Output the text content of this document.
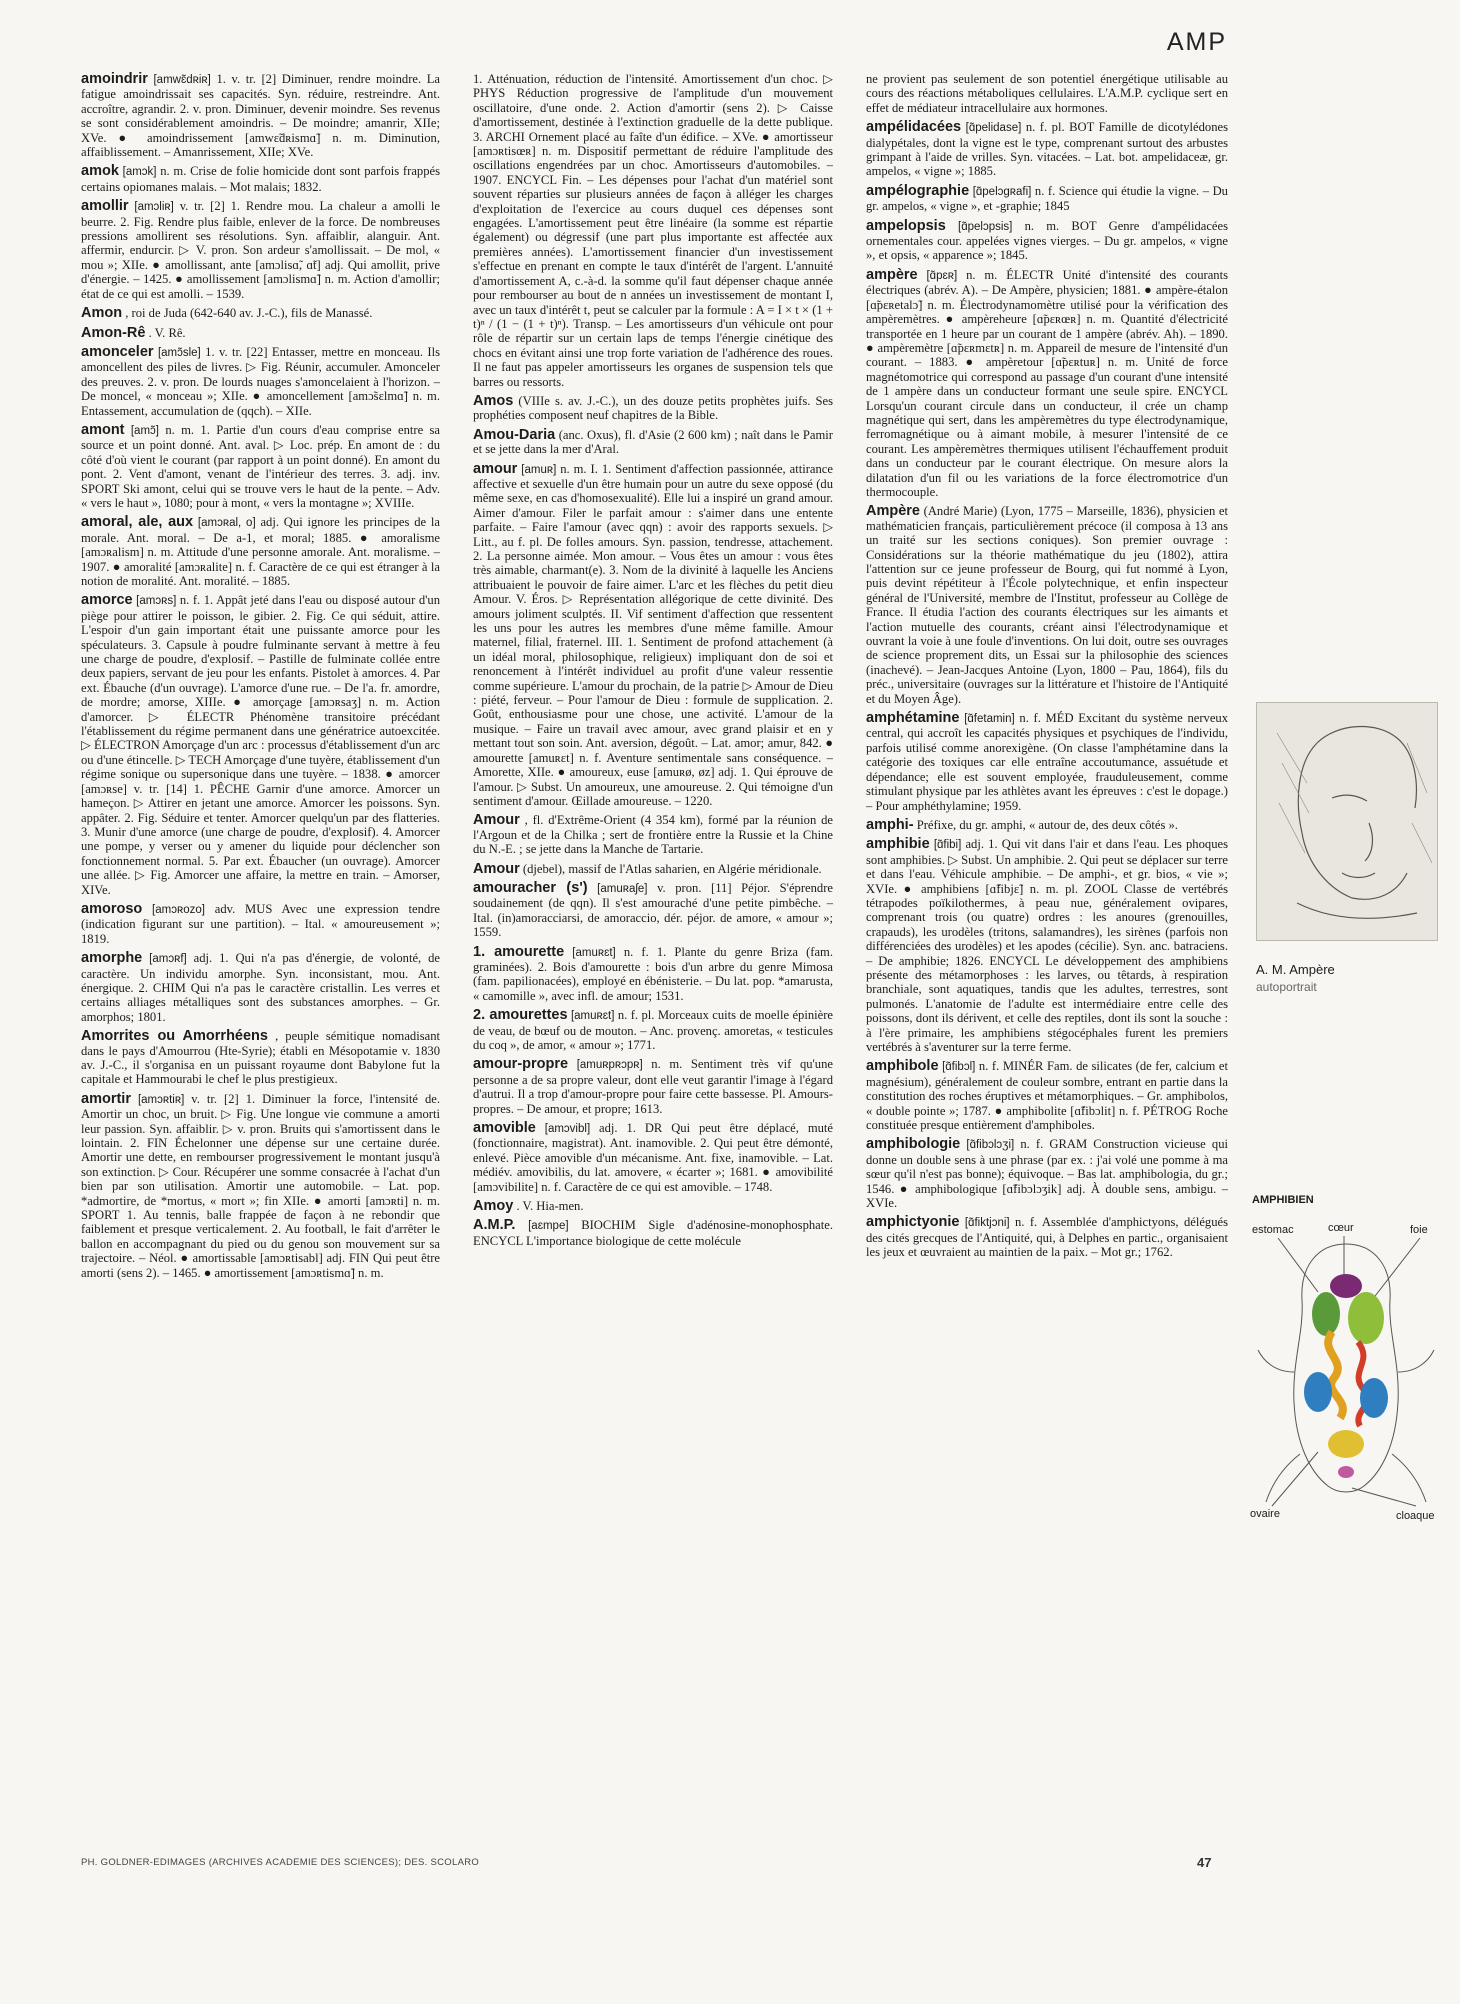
AMP

amoindrir [amwɛ̃dʀiʀ] 1. v. tr. [2] Diminuer, rendre moindre. La fatigue amoindrissait ses capacités. Syn. réduire, restreindre. Ant. accroître, agrandir. 2. v. pron. Diminuer, devenir moindre. Ses revenus se sont considérablement amoindris. – De moindre; amanrir, XIIe; XVe. ● amoindrissement [amwɛ̃dʀismɑ̃] n. m. Diminution, affaiblissement. – Amanrissement, XIIe; XVe.

amok [amɔk] n. m. Crise de folie homicide dont sont parfois frappés certains opiomanes malais. – Mot malais; 1832.

amollir [amɔliʀ] v. tr. [2] 1. Rendre mou. La chaleur a amolli le beurre. 2. Fig. Rendre plus faible, enlever de la force. De nombreuses pressions amollirent ses résolutions. Syn. affaiblir, alanguir. Ant. affermir, endurcir. ▷ V. pron. Son ardeur s'amollissait. – De mol, « mou »; XIIe. ● amollissant, ante [amɔlisɑ̃, ɑ̃t] adj. Qui amollit, prive d'énergie. – 1425. ● amollissement [amɔlismɑ̃] n. m. Action d'amollir; état de ce qui est amolli. – 1539.

Amon , roi de Juda (642-640 av. J.-C.), fils de Manassé.

Amon-Rê . V. Rê.

amonceler [amɔ̃sle] 1. v. tr. [22] Entasser, mettre en monceau. Ils amoncellent des piles de livres. ▷ Fig. Réunir, accumuler. Amonceler des preuves. 2. v. pron. De lourds nuages s'amoncelaient à l'horizon. – De moncel, « monceau »; XIIe. ● amoncellement [amɔ̃sɛlmɑ̃] n. m. Entassement, accumulation de (qqch). – XIIe.

amont [amɔ̃] n. m. 1. Partie d'un cours d'eau comprise entre sa source et un point donné. Ant. aval. ▷ Loc. prép. En amont de : du côté d'où vient le courant (par rapport à un point donné). En amont du pont. 2. Vent d'amont, venant de l'intérieur des terres. 3. adj. inv. SPORT Ski amont, celui qui se trouve vers le haut de la pente. – Adv. « vers le haut », 1080; pour à mont, « vers la montagne »; XVIIIe.

amoral, ale, aux [amɔʀal, o] adj. Qui ignore les principes de la morale. Ant. moral. – De a-1, et moral; 1885. ● amoralisme [amɔʀalism] n. m. Attitude d'une personne amorale. Ant. moralisme. – 1907. ● amoralité [amɔʀalite] n. f. Caractère de ce qui est étranger à la notion de moralité. Ant. moralité. – 1885.

amorce [amɔʀs] n. f. 1. Appât jeté dans l'eau ou disposé autour d'un piège pour attirer le poisson, le gibier. 2. Fig. Ce qui séduit, attire. L'espoir d'un gain important était une puissante amorce pour les spéculateurs. 3. Capsule à poudre fulminante servant à mettre à feu une charge de poudre, d'explosif. – Pastille de fulminate collée entre deux papiers, servant de jeu pour les enfants. Pistolet à amorces. 4. Par ext. Ébauche (d'un ouvrage). L'amorce d'une rue. – De l'a. fr. amordre, de mordre; amorse, XIIIe. ● amorçage [amɔʀsaʒ] n. m. Action d'amorcer. ▷ ÉLECTR Phénomène transitoire précédant l'établissement du régime permanent dans une génératrice autoexcitée. ▷ ÉLECTRON Amorçage d'un arc : processus d'établissement d'un arc ou d'une étincelle. ▷ TECH Amorçage d'une tuyère, établissement d'un régime sonique ou supersonique dans une tuyère. – 1838. ● amorcer [amɔʀse] v. tr. [14] 1. PÊCHE Garnir d'une amorce. Amorcer un hameçon. ▷ Attirer en jetant une amorce. Amorcer les poissons. Syn. appâter. 2. Fig. Séduire et tenter. Amorcer quelqu'un par des flatteries. 3. Munir d'une amorce (une charge de poudre, d'explosif). 4. Amorcer une pompe, y verser ou y amener du liquide pour déclencher son fonctionnement normal. 5. Par ext. Ébaucher (un ouvrage). Amorcer une allée. ▷ Fig. Amorcer une affaire, la mettre en train. – Amorser, XIVe.

amoroso [amɔʀozo] adv. MUS Avec une expression tendre (indication figurant sur une partition). – Ital. « amoureusement »; 1819.

amorphe [amɔʀf] adj. 1. Qui n'a pas d'énergie, de volonté, de caractère. Un individu amorphe. Syn. inconsistant, mou. Ant. énergique. 2. CHIM Qui n'a pas le caractère cristallin. Les verres et certains alliages métalliques sont des substances amorphes. – Gr. amorphos; 1801.

Amorrites ou Amorrhéens , peuple sémitique nomadisant dans le pays d'Amourrou (Hte-Syrie); établi en Mésopotamie v. 1830 av. J.-C., il s'organisa en un puissant royaume dont Babylone fut la capitale et Hammourabi le chef le plus prestigieux.

amortir [amɔʀtiʀ] v. tr. [2] 1. Diminuer la force, l'intensité de. Amortir un choc, un bruit. ▷ Fig. Une longue vie commune a amorti leur passion. Syn. affaiblir. ▷ v. pron. Bruits qui s'amortissent dans le lointain. 2. FIN Échelonner une dépense sur une certaine durée. Amortir une dette, en rembourser progressivement le montant jusqu'à son extinction. ▷ Cour. Récupérer une somme consacrée à l'achat d'un bien par son utilisation. Amortir une automobile. – Lat. pop. *admortire, de *mortus, « mort »; fin XIIe. ● amorti [amɔʀti] n. m. SPORT 1. Au tennis, balle frappée de façon à ne rebondir que faiblement et presque verticalement. 2. Au football, le fait d'arrêter le ballon en accompagnant du pied ou du genou son mouvement sur sa trajectoire. – Néol. ● amortissable [amɔʀtisabl] adj. FIN Qui peut être amorti (sens 2). – 1465. ● amortissement [amɔʀtismɑ̃] n. m.

1. Atténuation, réduction de l'intensité. Amortissement d'un choc. ▷ PHYS Réduction progressive de l'amplitude d'un mouvement oscillatoire, d'une onde. 2. Action d'amortir (sens 2). ▷ Caisse d'amortissement, destinée à l'extinction graduelle de la dette publique. 3. ARCHI Ornement placé au faîte d'un édifice. – XVe. ● amortisseur [amɔʀtisœʀ] n. m. Dispositif permettant de réduire l'amplitude des oscillations engendrées par un choc. Amortisseurs d'automobiles. – 1907. ENCYCL Fin. – Les dépenses pour l'achat d'un matériel sont souvent réparties sur plusieurs années de façon à alléger les charges d'exploitation de l'exercice au cours duquel ces dépenses sont engagées. L'amortissement peut être linéaire (la somme est répartie également) ou dégressif (une part plus importante est affectée aux premières années). L'amortissement financier d'un investissement s'effectue en prenant en compte le taux d'intérêt de l'argent. L'annuité d'amortissement A, c.-à-d. la somme qu'il faut dépenser chaque année pour rembourser au bout de n années un investissement de montant I, avec un taux d'intérêt t, peut se calculer par la formule : A = I × t × (1 + t)ⁿ / (1 − (1 + t)ⁿ). Transp. – Les amortisseurs d'un véhicule ont pour rôle de répartir sur un certain laps de temps l'énergie cinétique des chocs en évitant ainsi une trop forte variation de l'adhérence des roues. Il ne faut pas appeler amortisseurs les organes de suspension tels que barres ou ressorts.

Amos (VIIIe s. av. J.-C.), un des douze petits prophètes juifs. Ses prophéties composent neuf chapitres de la Bible.

Amou-Daria (anc. Oxus), fl. d'Asie (2 600 km) ; naît dans le Pamir et se jette dans la mer d'Aral.

amour [amuʀ] n. m. I. 1. Sentiment d'affection passionnée, attirance affective et sexuelle d'un être humain pour un autre du sexe opposé (du même sexe, en cas d'homosexualité). Elle lui a inspiré un grand amour. Aimer d'amour. Filer le parfait amour : s'aimer dans une entente parfaite. – Faire l'amour (avec qqn) : avoir des rapports sexuels. ▷ Litt., au f. pl. De folles amours. Syn. passion, tendresse, attachement. 2. La personne aimée. Mon amour. – Vous êtes un amour : vous êtes très aimable, charmant(e). 3. Nom de la divinité à laquelle les Anciens attribuaient le pouvoir de faire aimer. L'arc et les flèches du petit dieu Amour. V. Éros. ▷ Représentation allégorique de cette divinité. Des amours joliment sculptés. II. Vif sentiment d'affection que ressentent les uns pour les autres les membres d'une même famille. Amour maternel, filial, fraternel. III. 1. Sentiment de profond attachement (à un idéal moral, philosophique, religieux) impliquant don de soi et renoncement à l'intérêt individuel au profit d'une valeur ressentie comme supérieure. L'amour du prochain, de la patrie ▷ Amour de Dieu : piété, ferveur. – Pour l'amour de Dieu : formule de supplication. 2. Goût, enthousiasme pour une chose, une activité. L'amour de la musique. – Faire un travail avec amour, avec grand plaisir et en y mettant tout son soin. Ant. aversion, dégoût. – Lat. amor; amur, 842. ● amourette [amuʀɛt] n. f. Aventure sentimentale sans conséquence. – Amorette, XIIe. ● amoureux, euse [amuʀø, øz] adj. 1. Qui éprouve de l'amour. ▷ Subst. Un amoureux, une amoureuse. 2. Qui témoigne d'un sentiment d'amour. Œillade amoureuse. – 1220.

Amour , fl. d'Extrême-Orient (4 354 km), formé par la réunion de l'Argoun et de la Chilka ; sert de frontière entre la Russie et la Chine du N.-E. ; se jette dans la Manche de Tartarie.

Amour (djebel), massif de l'Atlas saharien, en Algérie méridionale.

amouracher (s') [amuʀaʃe] v. pron. [11] Péjor. S'éprendre soudainement (de qqn). Il s'est amouraché d'une petite pimbêche. – Ital. (in)amoracciarsi, de amoraccio, dér. péjor. de amore, « amour »; 1559.

1. amourette [amuʀɛt] n. f. 1. Plante du genre Briza (fam. graminées). 2. Bois d'amourette : bois d'un arbre du genre Mimosa (fam. papilionacées), employé en ébénisterie. – Du lat. pop. *amarusta, « camomille », avec infl. de amour; 1531.

2. amourettes [amuʀɛt] n. f. pl. Morceaux cuits de moelle épinière de veau, de bœuf ou de mouton. – Anc. provenç. amoretas, « testicules du coq », de amor, « amour »; 1771.

amour-propre [amuʀpʀɔpʀ] n. m. Sentiment très vif qu'une personne a de sa propre valeur, dont elle veut garantir l'image à l'égard d'autrui. Il a trop d'amour-propre pour faire cette bassesse. Pl. Amours-propres. – De amour, et propre; 1613.

amovible [amɔvibl] adj. 1. DR Qui peut être déplacé, muté (fonctionnaire, magistrat). Ant. inamovible. 2. Qui peut être démonté, enlevé. Pièce amovible d'un mécanisme. Ant. fixe, inamovible. – Lat. médiév. amovibilis, du lat. amovere, « écarter »; 1681. ● amovibilité [amɔvibilite] n. f. Caractère de ce qui est amovible. – 1748.

Amoy . V. Hia-men.

A.M.P. [aɛmpe] BIOCHIM Sigle d'adénosine-monophosphate. ENCYCL L'importance biologique de cette molécule

ne provient pas seulement de son potentiel énergétique utilisable au cours des réactions métaboliques cellulaires. L'A.M.P. cyclique sert en effet de médiateur intracellulaire aux hormones.

ampélidacées [ɑ̃pelidase] n. f. pl. BOT Famille de dicotylédones dialypétales, dont la vigne est le type, comprenant surtout des arbustes grimpant à l'aide de vrilles. Syn. vitacées. – Lat. bot. ampelidaceæ, gr. ampelos, « vigne »; 1885.

ampélographie [ɑ̃pelɔgʀafi] n. f. Science qui étudie la vigne. – Du gr. ampelos, « vigne », et -graphie; 1845

ampelopsis [ɑ̃pelɔpsis] n. m. BOT Genre d'ampélidacées ornementales cour. appelées vignes vierges. – Du gr. ampelos, « vigne », et opsis, « apparence »; 1845.

ampère [ɑ̃pɛʀ] n. m. ÉLECTR Unité d'intensité des courants électriques (abrév. A). – De Ampère, physicien; 1881. ● ampère-étalon [ɑ̃pɛʀetalɔ̃] n. m. Électrodynamomètre utilisé pour la vérification des ampèremètres. ● ampèreheure [ɑ̃pɛʀœʀ] n. m. Quantité d'électricité transportée en 1 heure par un courant de 1 ampère (abrév. Ah). – 1890. ● ampèremètre [ɑ̃pɛʀmɛtʀ] n. m. Appareil de mesure de l'intensité d'un courant. – 1883. ● ampèretour [ɑ̃pɛʀtuʀ] n. m. Unité de force magnétomotrice qui correspond au passage d'un courant d'une intensité de 1 ampère dans un conducteur formant une seule spire. ENCYCL Lorsqu'un courant circule dans un conducteur, il crée un champ magnétique qui sert, dans les ampèremètres du type électrodynamique, ferromagnétique ou à aimant mobile, à mesurer l'intensité de ce courant. Les ampèremètres thermiques utilisent l'échauffement produit dans un conducteur par le courant électrique. On mesure alors la dilatation d'un fil ou les variations de la force électromotrice d'un thermocouple.

Ampère (André Marie) (Lyon, 1775 – Marseille, 1836), physicien et mathématicien français, particulièrement précoce (il composa à 13 ans un traité sur les sections coniques). Son premier ouvrage : Considérations sur la théorie mathématique du jeu (1802), attira l'attention sur ce jeune professeur de Bourg, qui fut nommé à Lyon, puis devint répétiteur à l'École polytechnique, et enfin inspecteur général de l'Université, membre de l'Institut, professeur au Collège de France. Il étudia l'action des courants électriques sur les aimants et l'action mutuelle des courants, créant ainsi l'électrodynamique et ouvrant la voie à une foule d'inventions. On lui doit, outre ses ouvrages de science proprement dits, un Essai sur la philosophie des sciences (inachevé). – Jean-Jacques Antoine (Lyon, 1800 – Pau, 1864), fils du préc., universitaire (ouvrages sur la littérature et l'histoire de l'Antiquité et du Moyen Âge).

amphétamine [ɑ̃fetamin] n. f. MÉD Excitant du système nerveux central, qui accroît les capacités physiques et psychiques de l'individu, parfois utilisé comme anorexigène. (On classe l'amphétamine dans la catégorie des toxiques car elle entraîne accoutumance, assuétude et dépendance; elle est souvent employée, frauduleusement, comme stimulant physique par les athlètes avant les épreuves : c'est le dopage.) – Pour amphéthylamine; 1959.

amphi- Préfixe, du gr. amphi, « autour de, des deux côtés ».

amphibie [ɑ̃fibi] adj. 1. Qui vit dans l'air et dans l'eau. Les phoques sont amphibies. ▷ Subst. Un amphibie. 2. Qui peut se déplacer sur terre et dans l'eau. Véhicule amphibie. – De amphi-, et gr. bios, « vie »; XVIe. ● amphibiens [ɑ̃fibjɛ̃] n. m. pl. ZOOL Classe de vertébrés tétrapodes poïkilothermes, à peau nue, généralement ovipares, comprenant trois (ou quatre) ordres : les anoures (grenouilles, crapauds), les urodèles (tritons, salamandres), les sirènes (parfois non différenciées des urodèles) et les apodes (cécilie). Syn. anc. batraciens. – De amphibie; 1826. ENCYCL Le développement des amphibiens présente des métamorphoses : les larves, ou têtards, à respiration branchiale, sont aquatiques, tandis que les adultes, terrestres, sont pulmonés. L'anatomie de l'adulte est intermédiaire entre celle des poissons, dont ils dérivent, et celle des reptiles, dont ils sont la souche : à l'ère primaire, les amphibiens stégocéphales furent les premiers vertébrés à s'aventurer sur la terre ferme.

amphibole [ɑ̃fibɔl] n. f. MINÉR Fam. de silicates (de fer, calcium et magnésium), généralement de couleur sombre, entrant en partie dans la constitution des roches éruptives et métamorphiques. – Gr. amphibolos, « double pointe »; 1787. ● amphibolite [ɑ̃fibɔlit] n. f. PÉTROG Roche constituée presque entièrement d'amphiboles.

amphibologie [ɑ̃fibɔlɔʒi] n. f. GRAM Construction vicieuse qui donne un double sens à une phrase (par ex. : j'ai volé une pomme à ma sœur qu'il n'est pas bonne); équivoque. – Bas lat. amphibologia, du gr.; 1546. ● amphibologique [ɑ̃fibɔlɔʒik] adj. À double sens, ambigu. – XVIe.

amphictyonie [ɑ̃fiktjɔni] n. f. Assemblée d'amphictyons, délégués des cités grecques de l'Antiquité, qui, à Delphes en partic., organisaient les jeux et œuvraient au maintien de la paix. – Mot gr.; 1762.

A. M. Ampère
autoportrait
AMPHIBIEN
estomac	cœur	foie
ovaire	cloaque
PH. GOLDNER-EDIMAGES (ARCHIVES ACADEMIE DES SCIENCES); DES. SCOLARO	47
